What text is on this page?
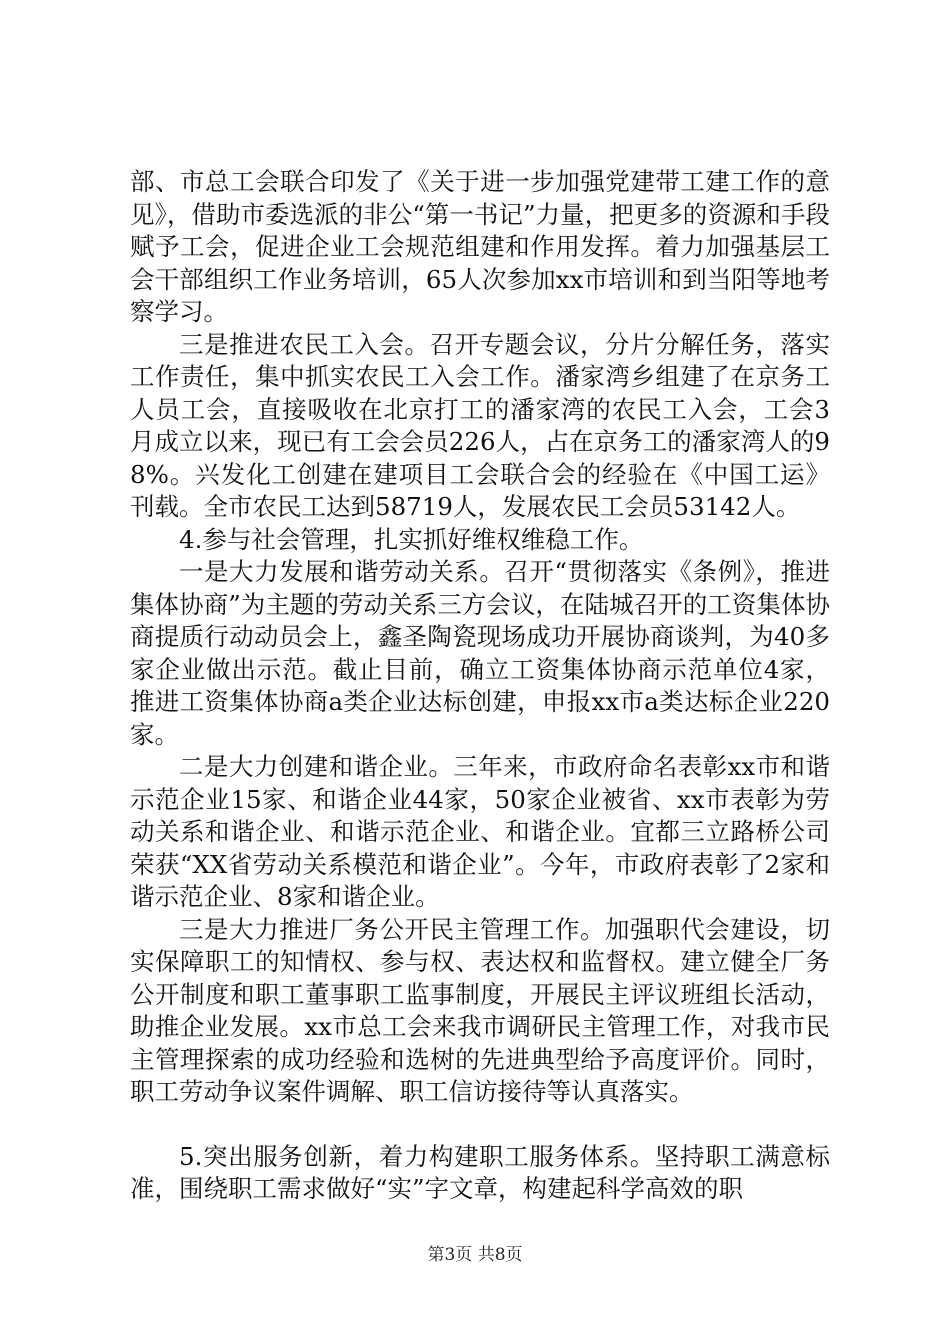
部、市总工会联合印发了《关于进一步加强党建带工建工作的意见》，借助市委选派的非公“第一书记”力量，把更多的资源和手段赋予工会，促进企业工会规范组建和作用发挥。着力加强基层工会干部组织工作业务培训，65人次参加xx市培训和到当阳等地考察学习。

三是推进农民工入会。召开专题会议，分片分解任务，落实工作责任，集中抓实农民工入会工作。潘家湾乡组建了在京务工人员工会，直接吸收在北京打工的潘家湾的农民工入会，工会3月成立以来，现已有工会会员226人，占在京务工的潘家湾人的98%。兴发化工创建在建项目工会联合会的经验在《中国工运》刊载。全市农民工达到58719人，发展农民工会员53142人。

4.参与社会管理，扎实抓好维权维稳工作。

一是大力发展和谐劳动关系。召开“贯彻落实《条例》，推进集体协商”为主题的劳动关系三方会议，在陆城召开的工资集体协商提质行动动员会上，鑫圣陶瓷现场成功开展协商谈判，为40多家企业做出示范。截止目前，确立工资集体协商示范单位4家，推进工资集体协商a类企业达标创建，申报xx市a类达标企业220家。

二是大力创建和谐企业。三年来，市政府命名表彰xx市和谐示范企业15家、和谐企业44家，50家企业被省、xx市表彰为劳动关系和谐企业、和谐示范企业、和谐企业。宜都三立路桥公司荣获“XX省劳动关系模范和谐企业”。今年，市政府表彰了2家和谐示范企业、8家和谐企业。

三是大力推进厂务公开民主管理工作。加强职代会建设，切实保障职工的知情权、参与权、表达权和监督权。建立健全厂务公开制度和职工董事职工监事制度，开展民主评议班组长活动，助推企业发展。xx市总工会来我市调研民主管理工作，对我市民主管理探索的成功经验和选树的先进典型给予高度评价。同时，职工劳动争议案件调解、职工信访接待等认真落实。

5.突出服务创新，着力构建职工服务体系。坚持职工满意标准，围绕职工需求做好“实”字文章，构建起科学高效的职

第3页 共8页
